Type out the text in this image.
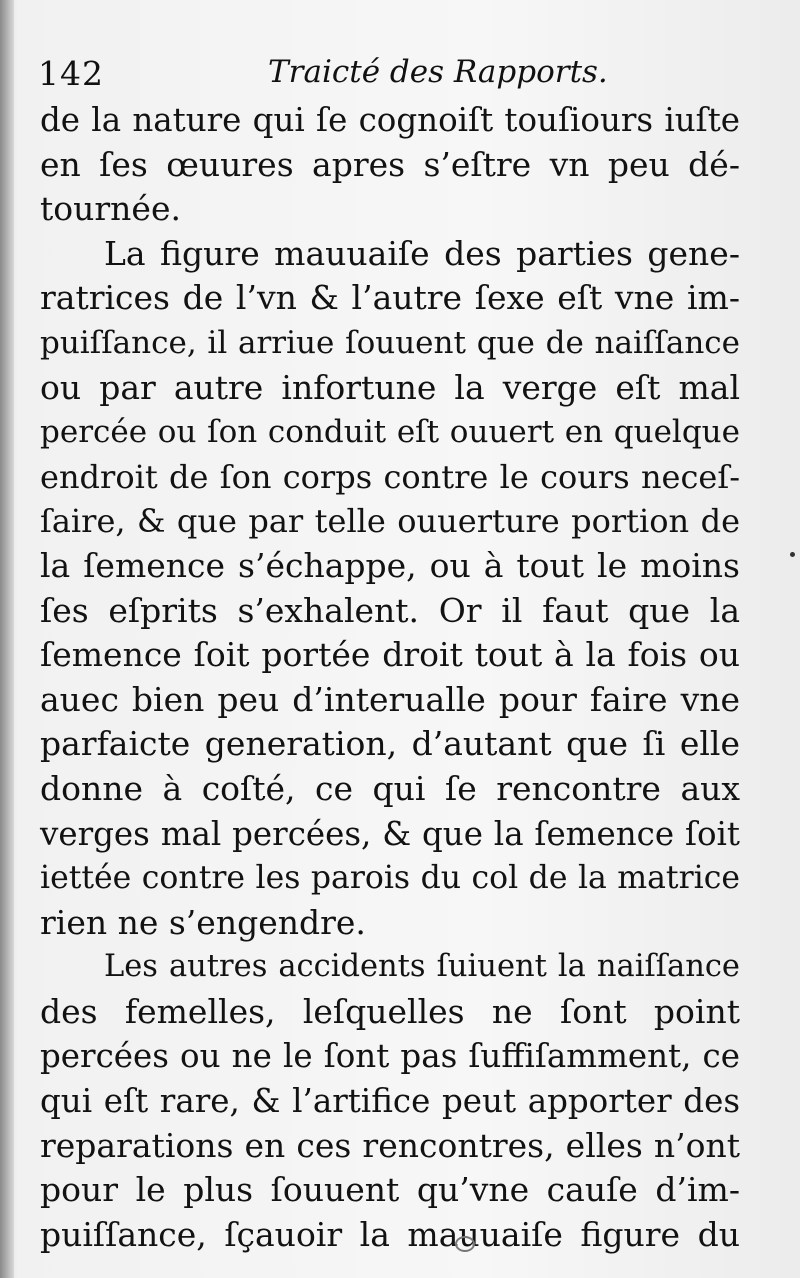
142	Traicté des Rapports.
de la nature qui ſe cognoiſt touſiours iuſte
en ſes œuures apres s’eſtre vn peu dé-
tournée.
La figure mauuaiſe des parties gene-
ratrices de l’vn & l’autre ſexe eſt vne im-
puiſſance, il arriue ſouuent que de naiſſance
ou par autre infortune la verge eſt mal
percée ou ſon conduit eſt ouuert en quelque
endroit de ſon corps contre le cours neceſ-
ſaire, & que par telle ouuerture portion de
la ſemence s’échappe, ou à tout le moins
ſes eſprits s’exhalent. Or il faut que la
ſemence ſoit portée droit tout à la fois ou
auec bien peu d’interualle pour faire vne
parfaicte generation, d’autant que ſi elle
donne à coſté, ce qui ſe rencontre aux
verges mal percées, & que la ſemence ſoit
iettée contre les parois du col de la matrice
rien ne s’engendre.
Les autres accidents ſuiuent la naiſſance
des femelles, leſquelles ne ſont point
percées ou ne le ſont pas ſuffiſamment, ce
qui eſt rare, & l’artifice peut apporter des
reparations en ces rencontres, elles n’ont
pour le plus ſouuent qu’vne cauſe d’im-
puiſſance, ſçauoir la mauuaiſe figure du
